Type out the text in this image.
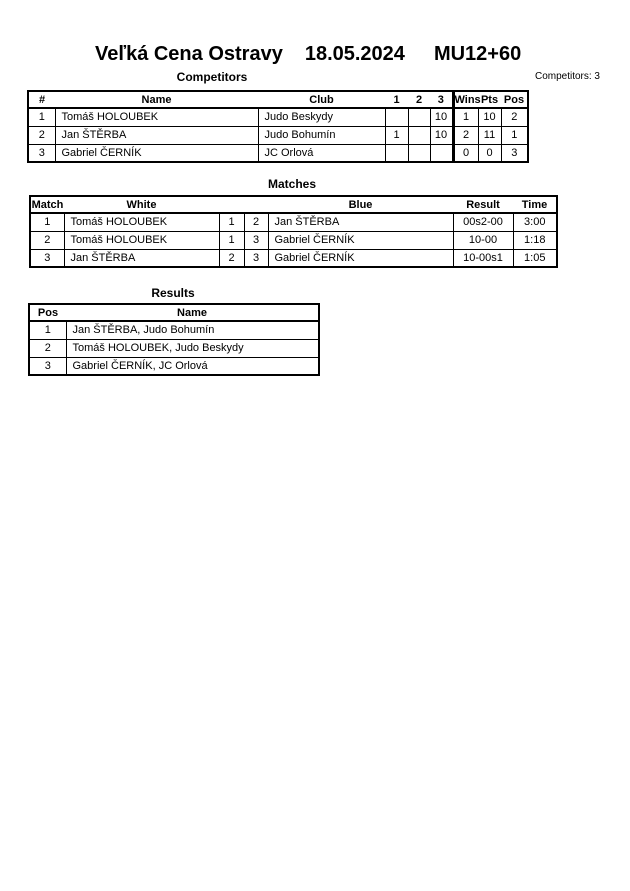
Veľká Cena Ostravy 18.05.2024 MU12+60
Competitors: 3
Competitors
#	Name	Club	1	2	3	Wins	Pts	Pos
1	Tomáš HOLOUBEK	Judo Beskydy			10	1	10	2
2	Jan ŠTĚRBA	Judo Bohumín	1		10	2	11	1
3	Gabriel ČERNÍK	JC Orlová				0	0	3
Matches
Match	White			Blue	Result	Time
1	Tomáš HOLOUBEK	1	2	Jan ŠTĚRBA	00s2-00	3:00
2	Tomáš HOLOUBEK	1	3	Gabriel ČERNÍK	10-00	1:18
3	Jan ŠTĚRBA	2	3	Gabriel ČERNÍK	10-00s1	1:05
Results
Pos	Name
1	Jan ŠTĚRBA, Judo Bohumín
2	Tomáš HOLOUBEK, Judo Beskydy
3	Gabriel ČERNÍK, JC Orlová
